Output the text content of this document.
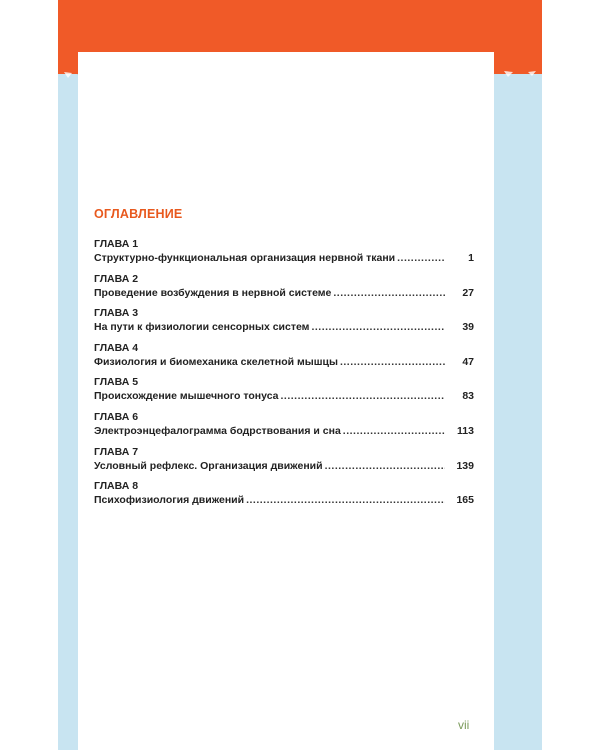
ОГЛАВЛЕНИЕ
ГЛАВА 1
Структурно-функциональная организация нервной ткани .....	1
ГЛАВА 2
Проведение возбуждения в нервной системе .....	27
ГЛАВА 3
На пути к физиологии сенсорных систем .....	39
ГЛАВА 4
Физиология и биомеханика скелетной мышцы .....	47
ГЛАВА 5
Происхождение мышечного тонуса .....	83
ГЛАВА 6
Электроэнцефалограмма бодрствования и сна .....	113
ГЛАВА 7
Условный рефлекс. Организация движений .....	139
ГЛАВА 8
Психофизиология движений .....	165
vii
